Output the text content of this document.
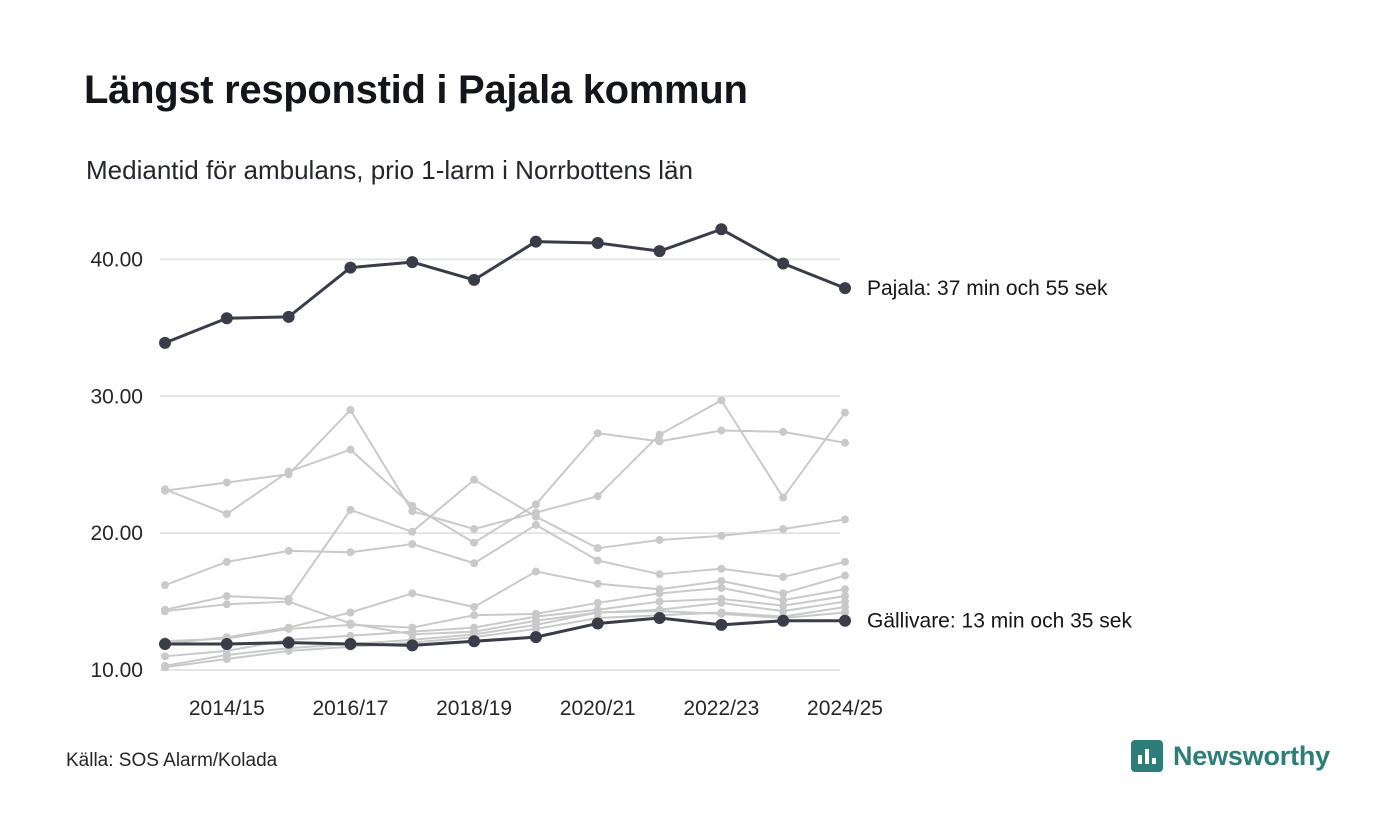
Längst responstid i Pajala kommun
Mediantid för ambulans, prio 1-larm i Norrbottens län
10.00
20.00
30.00
40.00
2014/15 2016/17 2018/19 2020/21 2022/23 2024/25
Pajala: 37 min och 55 sek
Gällivare: 13 min och 35 sek
Källa: SOS Alarm/Kolada	Newsworthy
